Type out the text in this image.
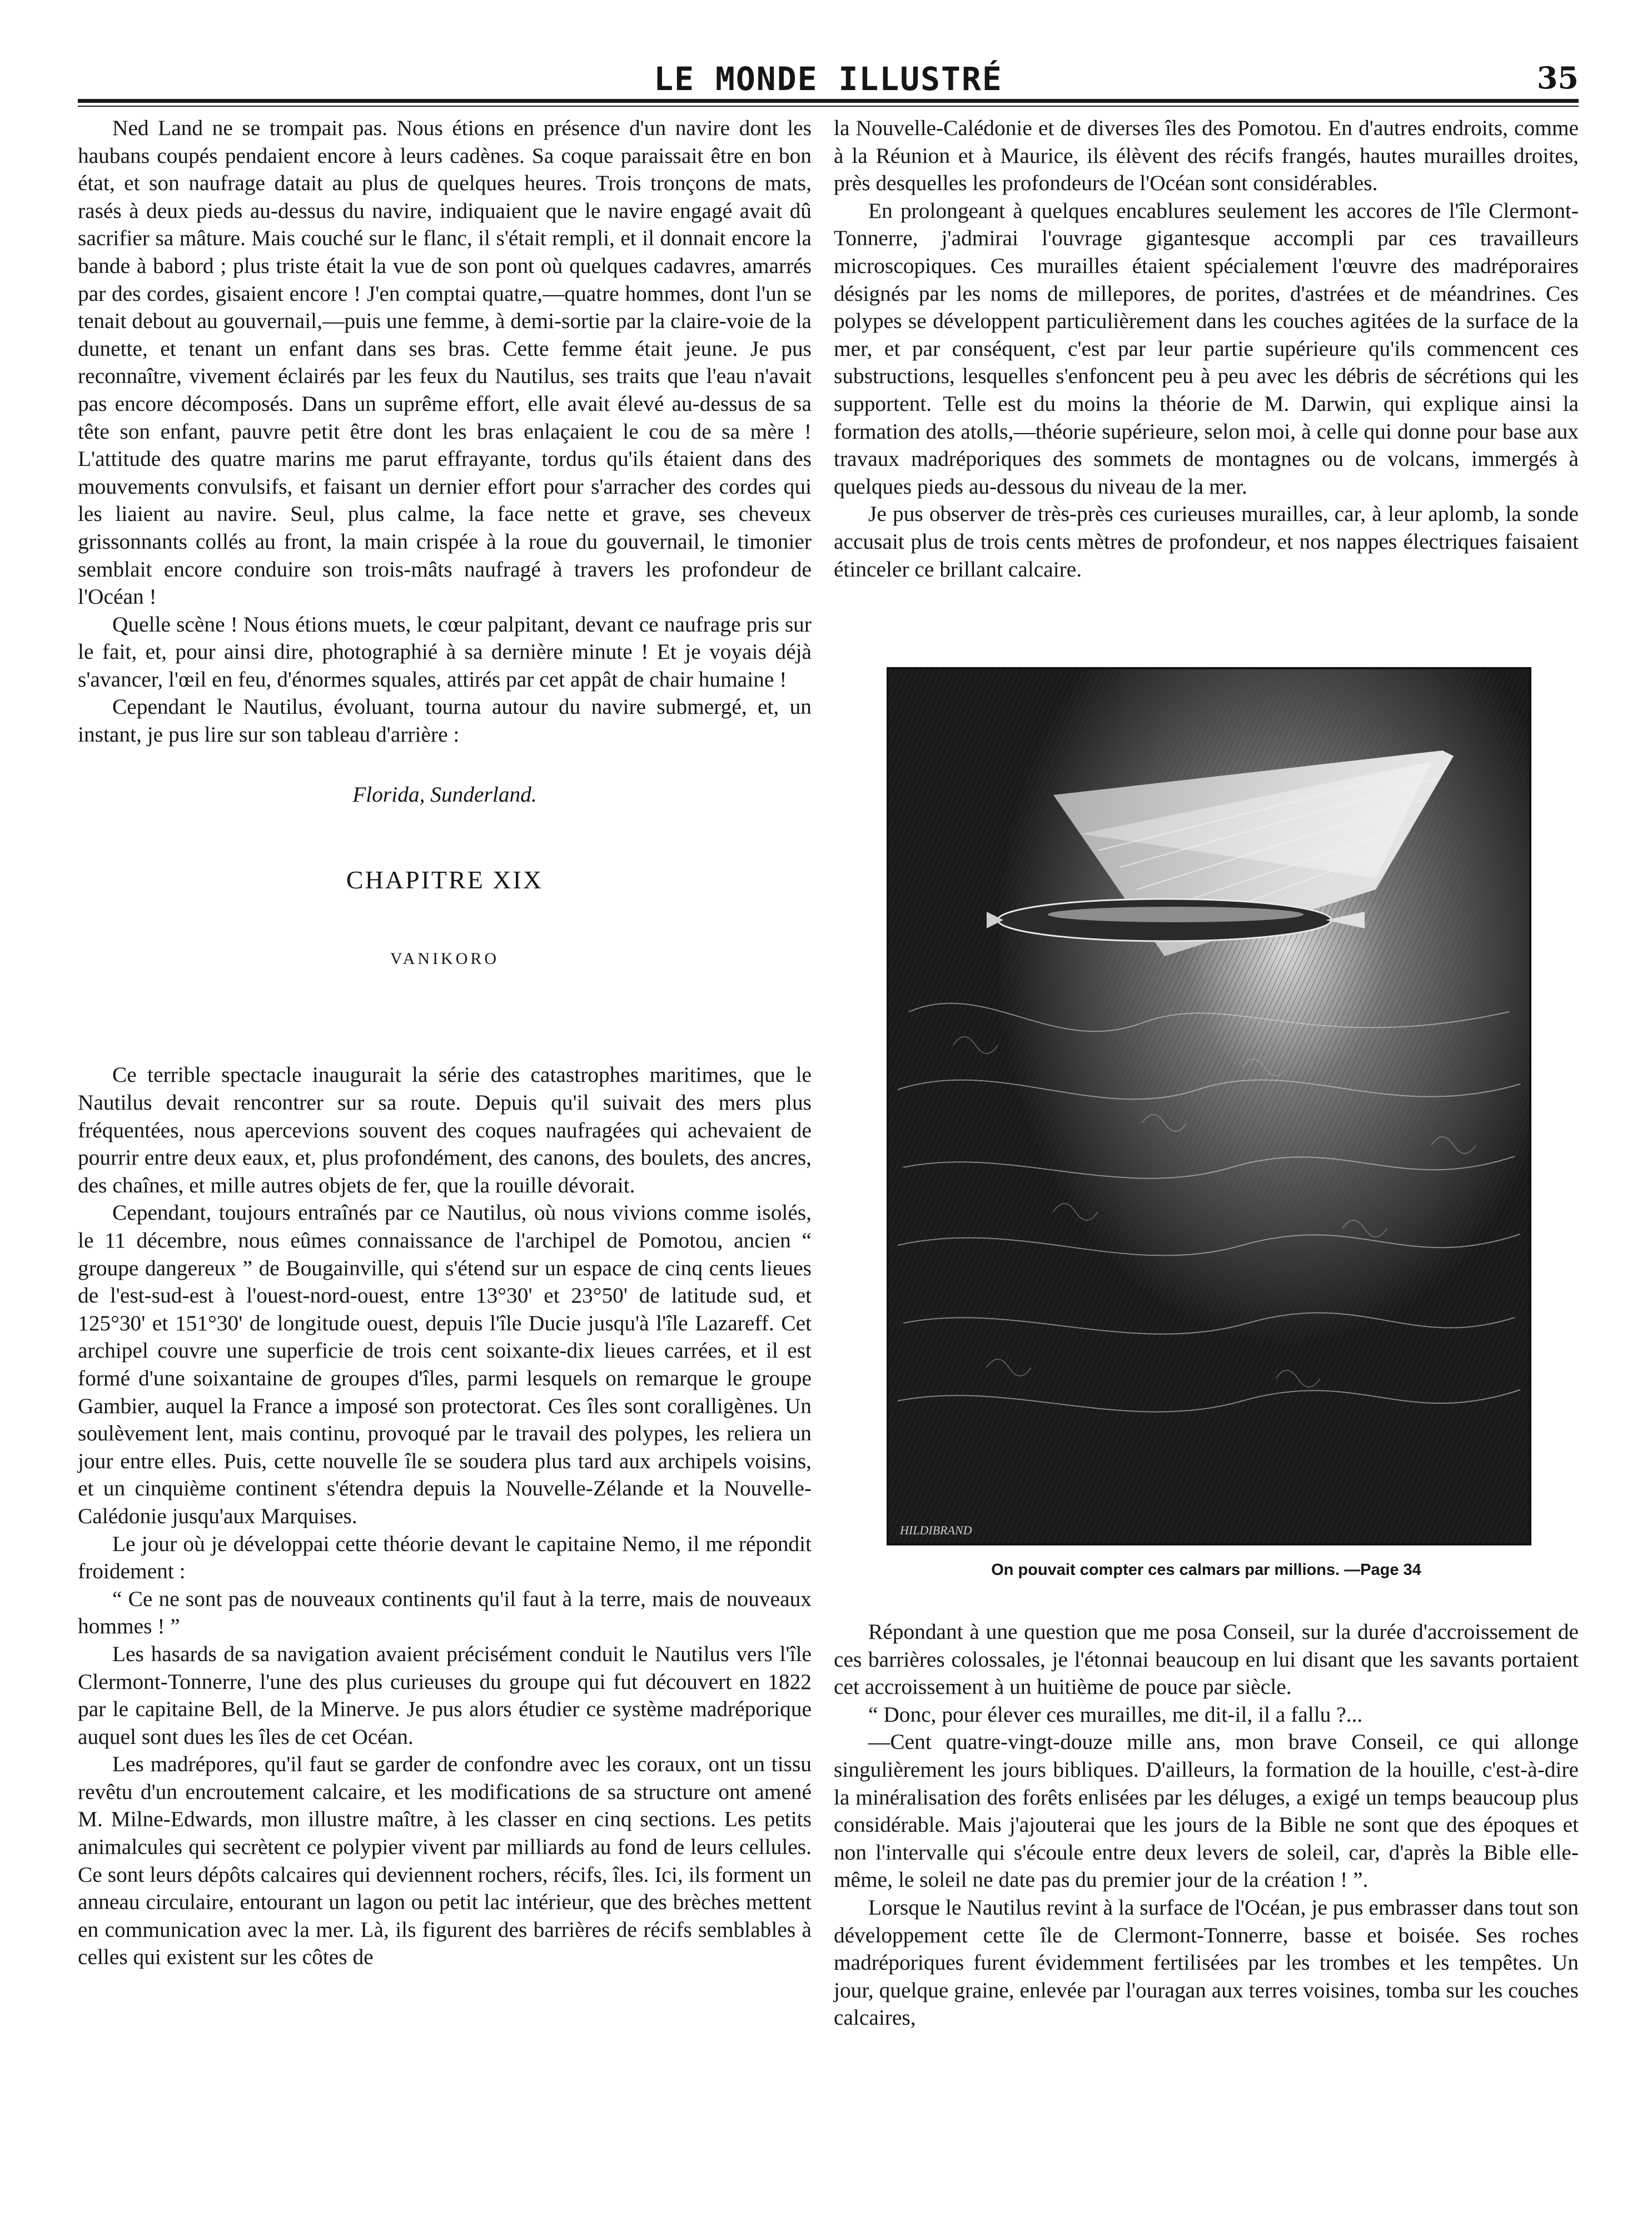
LE MONDE ILLUSTRÉ	35

Ned Land ne se trompait pas. Nous étions en présence d'un navire dont les haubans coupés pendaient encore à leurs cadènes. Sa coque paraissait être en bon état, et son naufrage datait au plus de quelques heures. Trois tronçons de mats, rasés à deux pieds au-dessus du navire, indiquaient que le navire engagé avait dû sacrifier sa mâture. Mais couché sur le flanc, il s'était rempli, et il donnait encore la bande à babord ; plus triste était la vue de son pont où quelques cadavres, amarrés par des cordes, gisaient encore ! J'en comptai quatre,—quatre hommes, dont l'un se tenait debout au gouvernail,—puis une femme, à demi-sortie par la claire-voie de la dunette, et tenant un enfant dans ses bras. Cette femme était jeune. Je pus reconnaître, vivement éclairés par les feux du Nautilus, ses traits que l'eau n'avait pas encore décomposés. Dans un suprême effort, elle avait élevé au-dessus de sa tête son enfant, pauvre petit être dont les bras enlaçaient le cou de sa mère ! L'attitude des quatre marins me parut effrayante, tordus qu'ils étaient dans des mouvements convulsifs, et faisant un dernier effort pour s'arracher des cordes qui les liaient au navire. Seul, plus calme, la face nette et grave, ses cheveux grissonnants collés au front, la main crispée à la roue du gouvernail, le timonier semblait encore conduire son trois-mâts naufragé à travers les profondeur de l'Océan !

Quelle scène ! Nous étions muets, le cœur palpitant, devant ce naufrage pris sur le fait, et, pour ainsi dire, photographié à sa dernière minute ! Et je voyais déjà s'avancer, l'œil en feu, d'énormes squales, attirés par cet appât de chair humaine !

Cependant le Nautilus, évoluant, tourna autour du navire submergé, et, un instant, je pus lire sur son tableau d'arrière :

Florida, Sunderland.

CHAPITRE XIX

VANIKORO

Ce terrible spectacle inaugurait la série des catastrophes maritimes, que le Nautilus devait rencontrer sur sa route. Depuis qu'il suivait des mers plus fréquentées, nous apercevions souvent des coques naufragées qui achevaient de pourrir entre deux eaux, et, plus profondément, des canons, des boulets, des ancres, des chaînes, et mille autres objets de fer, que la rouille dévorait.

Cependant, toujours entraînés par ce Nautilus, où nous vivions comme isolés, le 11 décembre, nous eûmes connaissance de l'archipel de Pomotou, ancien “ groupe dangereux ” de Bougainville, qui s'étend sur un espace de cinq cents lieues de l'est-sud-est à l'ouest-nord-ouest, entre 13°30' et 23°50' de latitude sud, et 125°30' et 151°30' de longitude ouest, depuis l'île Ducie jusqu'à l'île Lazareff. Cet archipel couvre une superficie de trois cent soixante-dix lieues carrées, et il est formé d'une soixantaine de groupes d'îles, parmi lesquels on remarque le groupe Gambier, auquel la France a imposé son protectorat. Ces îles sont coralligènes. Un soulèvement lent, mais continu, provoqué par le travail des polypes, les reliera un jour entre elles. Puis, cette nouvelle île se soudera plus tard aux archipels voisins, et un cinquième continent s'étendra depuis la Nouvelle-Zélande et la Nouvelle-Calédonie jusqu'aux Marquises.

Le jour où je développai cette théorie devant le capitaine Nemo, il me répondit froidement :

“ Ce ne sont pas de nouveaux continents qu'il faut à la terre, mais de nouveaux hommes ! ”

Les hasards de sa navigation avaient précisément conduit le Nautilus vers l'île Clermont-Tonnerre, l'une des plus curieuses du groupe qui fut découvert en 1822 par le capitaine Bell, de la Minerve. Je pus alors étudier ce système madréporique auquel sont dues les îles de cet Océan.

Les madrépores, qu'il faut se garder de confondre avec les coraux, ont un tissu revêtu d'un encroutement calcaire, et les modifications de sa structure ont amené M. Milne-Edwards, mon illustre maître, à les classer en cinq sections. Les petits animalcules qui secrètent ce polypier vivent par milliards au fond de leurs cellules. Ce sont leurs dépôts calcaires qui deviennent rochers, récifs, îles. Ici, ils forment un anneau circulaire, entourant un lagon ou petit lac intérieur, que des brèches mettent en communication avec la mer. Là, ils figurent des barrières de récifs semblables à celles qui existent sur les côtes de

la Nouvelle-Calédonie et de diverses îles des Pomotou. En d'autres endroits, comme à la Réunion et à Maurice, ils élèvent des récifs frangés, hautes murailles droites, près desquelles les profondeurs de l'Océan sont considérables.

En prolongeant à quelques encablures seulement les accores de l'île Clermont-Tonnerre, j'admirai l'ouvrage gigantesque accompli par ces travailleurs microscopiques. Ces murailles étaient spécialement l'œuvre des madréporaires désignés par les noms de millepores, de porites, d'astrées et de méandrines. Ces polypes se développent particulièrement dans les couches agitées de la surface de la mer, et par conséquent, c'est par leur partie supérieure qu'ils commencent ces substructions, lesquelles s'enfoncent peu à peu avec les débris de sécrétions qui les supportent. Telle est du moins la théorie de M. Darwin, qui explique ainsi la formation des atolls,—théorie supérieure, selon moi, à celle qui donne pour base aux travaux madréporiques des sommets de montagnes ou de volcans, immergés à quelques pieds au-dessous du niveau de la mer.

Je pus observer de très-près ces curieuses murailles, car, à leur aplomb, la sonde accusait plus de trois cents mètres de profondeur, et nos nappes électriques faisaient étinceler ce brillant calcaire.

HILDIBRAND
On pouvait compter ces calmars par millions. —Page 34

Répondant à une question que me posa Conseil, sur la durée d'accroissement de ces barrières colossales, je l'étonnai beaucoup en lui disant que les savants portaient cet accroissement à un huitième de pouce par siècle.

“ Donc, pour élever ces murailles, me dit-il, il a fallu ?...

—Cent quatre-vingt-douze mille ans, mon brave Conseil, ce qui allonge singulièrement les jours bibliques. D'ailleurs, la formation de la houille, c'est-à-dire la minéralisation des forêts enlisées par les déluges, a exigé un temps beaucoup plus considérable. Mais j'ajouterai que les jours de la Bible ne sont que des époques et non l'intervalle qui s'écoule entre deux levers de soleil, car, d'après la Bible elle-même, le soleil ne date pas du premier jour de la création ! ”.

Lorsque le Nautilus revint à la surface de l'Océan, je pus embrasser dans tout son développement cette île de Clermont-Tonnerre, basse et boisée. Ses roches madréporiques furent évidemment fertilisées par les trombes et les tempêtes. Un jour, quelque graine, enlevée par l'ouragan aux terres voisines, tomba sur les couches calcaires,
